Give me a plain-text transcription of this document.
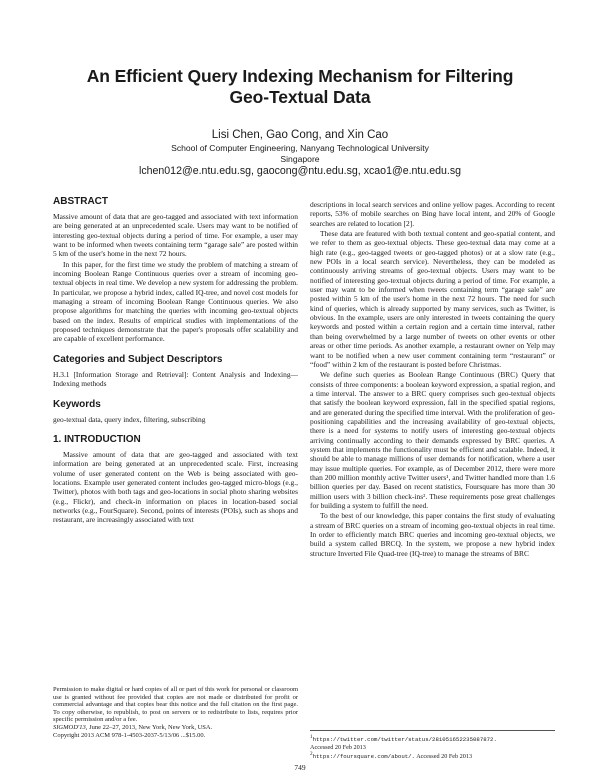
An Efficient Query Indexing Mechanism for Filtering
Geo-Textual Data
Lisi Chen, Gao Cong, and Xin Cao
School of Computer Engineering, Nanyang Technological University
Singapore
lchen012@e.ntu.edu.sg, gaocong@ntu.edu.sg, xcao1@e.ntu.edu.sg
ABSTRACT

Massive amount of data that are geo-tagged and associated with text information are being generated at an unprecedented scale. Users may want to be notified of interesting geo-textual objects during a period of time. For example, a user may want to be informed when tweets containing term “garage sale” are posted within 5 km of the user's home in the next 72 hours.

In this paper, for the first time we study the problem of matching a stream of incoming Boolean Range Continuous queries over a stream of incoming geo-textual objects in real time. We develop a new system for addressing the problem. In particular, we propose a hybrid index, called IQ-tree, and novel cost models for managing a stream of incoming Boolean Range Continuous queries. We also propose algorithms for matching the queries with incoming geo-textual objects based on the index. Results of empirical studies with implementations of the proposed techniques demonstrate that the paper's proposals offer scalability and are capable of excellent performance.

Categories and Subject Descriptors

H.3.1 [Information Storage and Retrieval]: Content Analysis and Indexing—Indexing methods

Keywords

geo-textual data, query index, filtering, subscribing

1. INTRODUCTION

Massive amount of data that are geo-tagged and associated with text information are being generated at an unprecedented scale. First, increasing volume of user generated content on the Web is being associated with geo-locations. Example user generated content includes geo-tagged micro-blogs (e.g., Twitter), photos with both tags and geo-locations in social photo sharing websites (e.g., Flickr), and check-in information on places in location-based social networks (e.g., FourSquare). Second, points of interests (POIs), such as shops and restaurant, are increasingly associated with text

Permission to make digital or hard copies of all or part of this work for personal or classroom use is granted without fee provided that copies are not made or distributed for profit or commercial advantage and that copies bear this notice and the full citation on the first page. To copy otherwise, to republish, to post on servers or to redistribute to lists, requires prior specific permission and/or a fee.
SIGMOD'13, June 22–27, 2013, New York, New York, USA.
Copyright 2013 ACM 978-1-4503-2037-5/13/06 ...$15.00.

descriptions in local search services and online yellow pages. According to recent reports, 53% of mobile searches on Bing have local intent, and 20% of Google searches are related to location [2].

These data are featured with both textual content and geo-spatial content, and we refer to them as geo-textual objects. These geo-textual data may come at a high rate (e.g., geo-tagged tweets or geo-tagged photos) or at a slow rate (e.g., new POIs in a local search service). Nevertheless, they can be modeled as continuously arriving streams of geo-textual objects. Users may want to be notified of interesting geo-textual objects during a period of time. For example, a user may want to be informed when tweets containing term “garage sale” are posted within 5 km of the user's home in the next 72 hours. The need for such kind of queries, which is already supported by many services, such as Twitter, is obvious. In the example, users are only interested in tweets containing the query keywords and posted within a certain region and a certain time interval, rather than being overwhelmed by a large number of tweets on other events or other areas or other time periods. As another example, a restaurant owner on Yelp may want to be notified when a new user comment containing term “restaurant” or “food” within 2 km of the restaurant is posted before Christmas.

We define such queries as Boolean Range Continuous (BRC) Query that consists of three components: a boolean keyword expression, a spatial region, and a time interval. The answer to a BRC query comprises such geo-textual objects that satisfy the boolean keyword expression, fall in the specified spatial regions, and are generated during the specified time interval. With the proliferation of geo-positioning capabilities and the increasing availability of geo-textual objects, there is a need for systems to notify users of interesting geo-textual objects arriving continually according to their demands expressed by BRC queries. A system that implements the functionality must be efficient and scalable. Indeed, it should be able to manage millions of user demands for notification, where a user may issue multiple queries. For example, as of December 2012, there were more than 200 million monthly active Twitter users¹, and Twitter handled more than 1.6 billion queries per day. Based on recent statistics, Foursquare has more than 30 million users with 3 billion check-ins². These requirements pose great challenges for building a system to fulfill the need.

To the best of our knowledge, this paper contains the first study of evaluating a stream of BRC queries on a stream of incoming geo-textual objects in real time. In order to efficiently match BRC queries and incoming geo-textual objects, we build a system called BRCQ. In the system, we propose a new hybrid index structure Inverted File Quad-tree (IQ-tree) to manage the streams of BRC

$^1$https://twitter.com/twitter/status/281051652235087872.
Accessed 20 Feb 2013
$^2$https://foursquare.com/about/. Accessed 20 Feb 2013
749
